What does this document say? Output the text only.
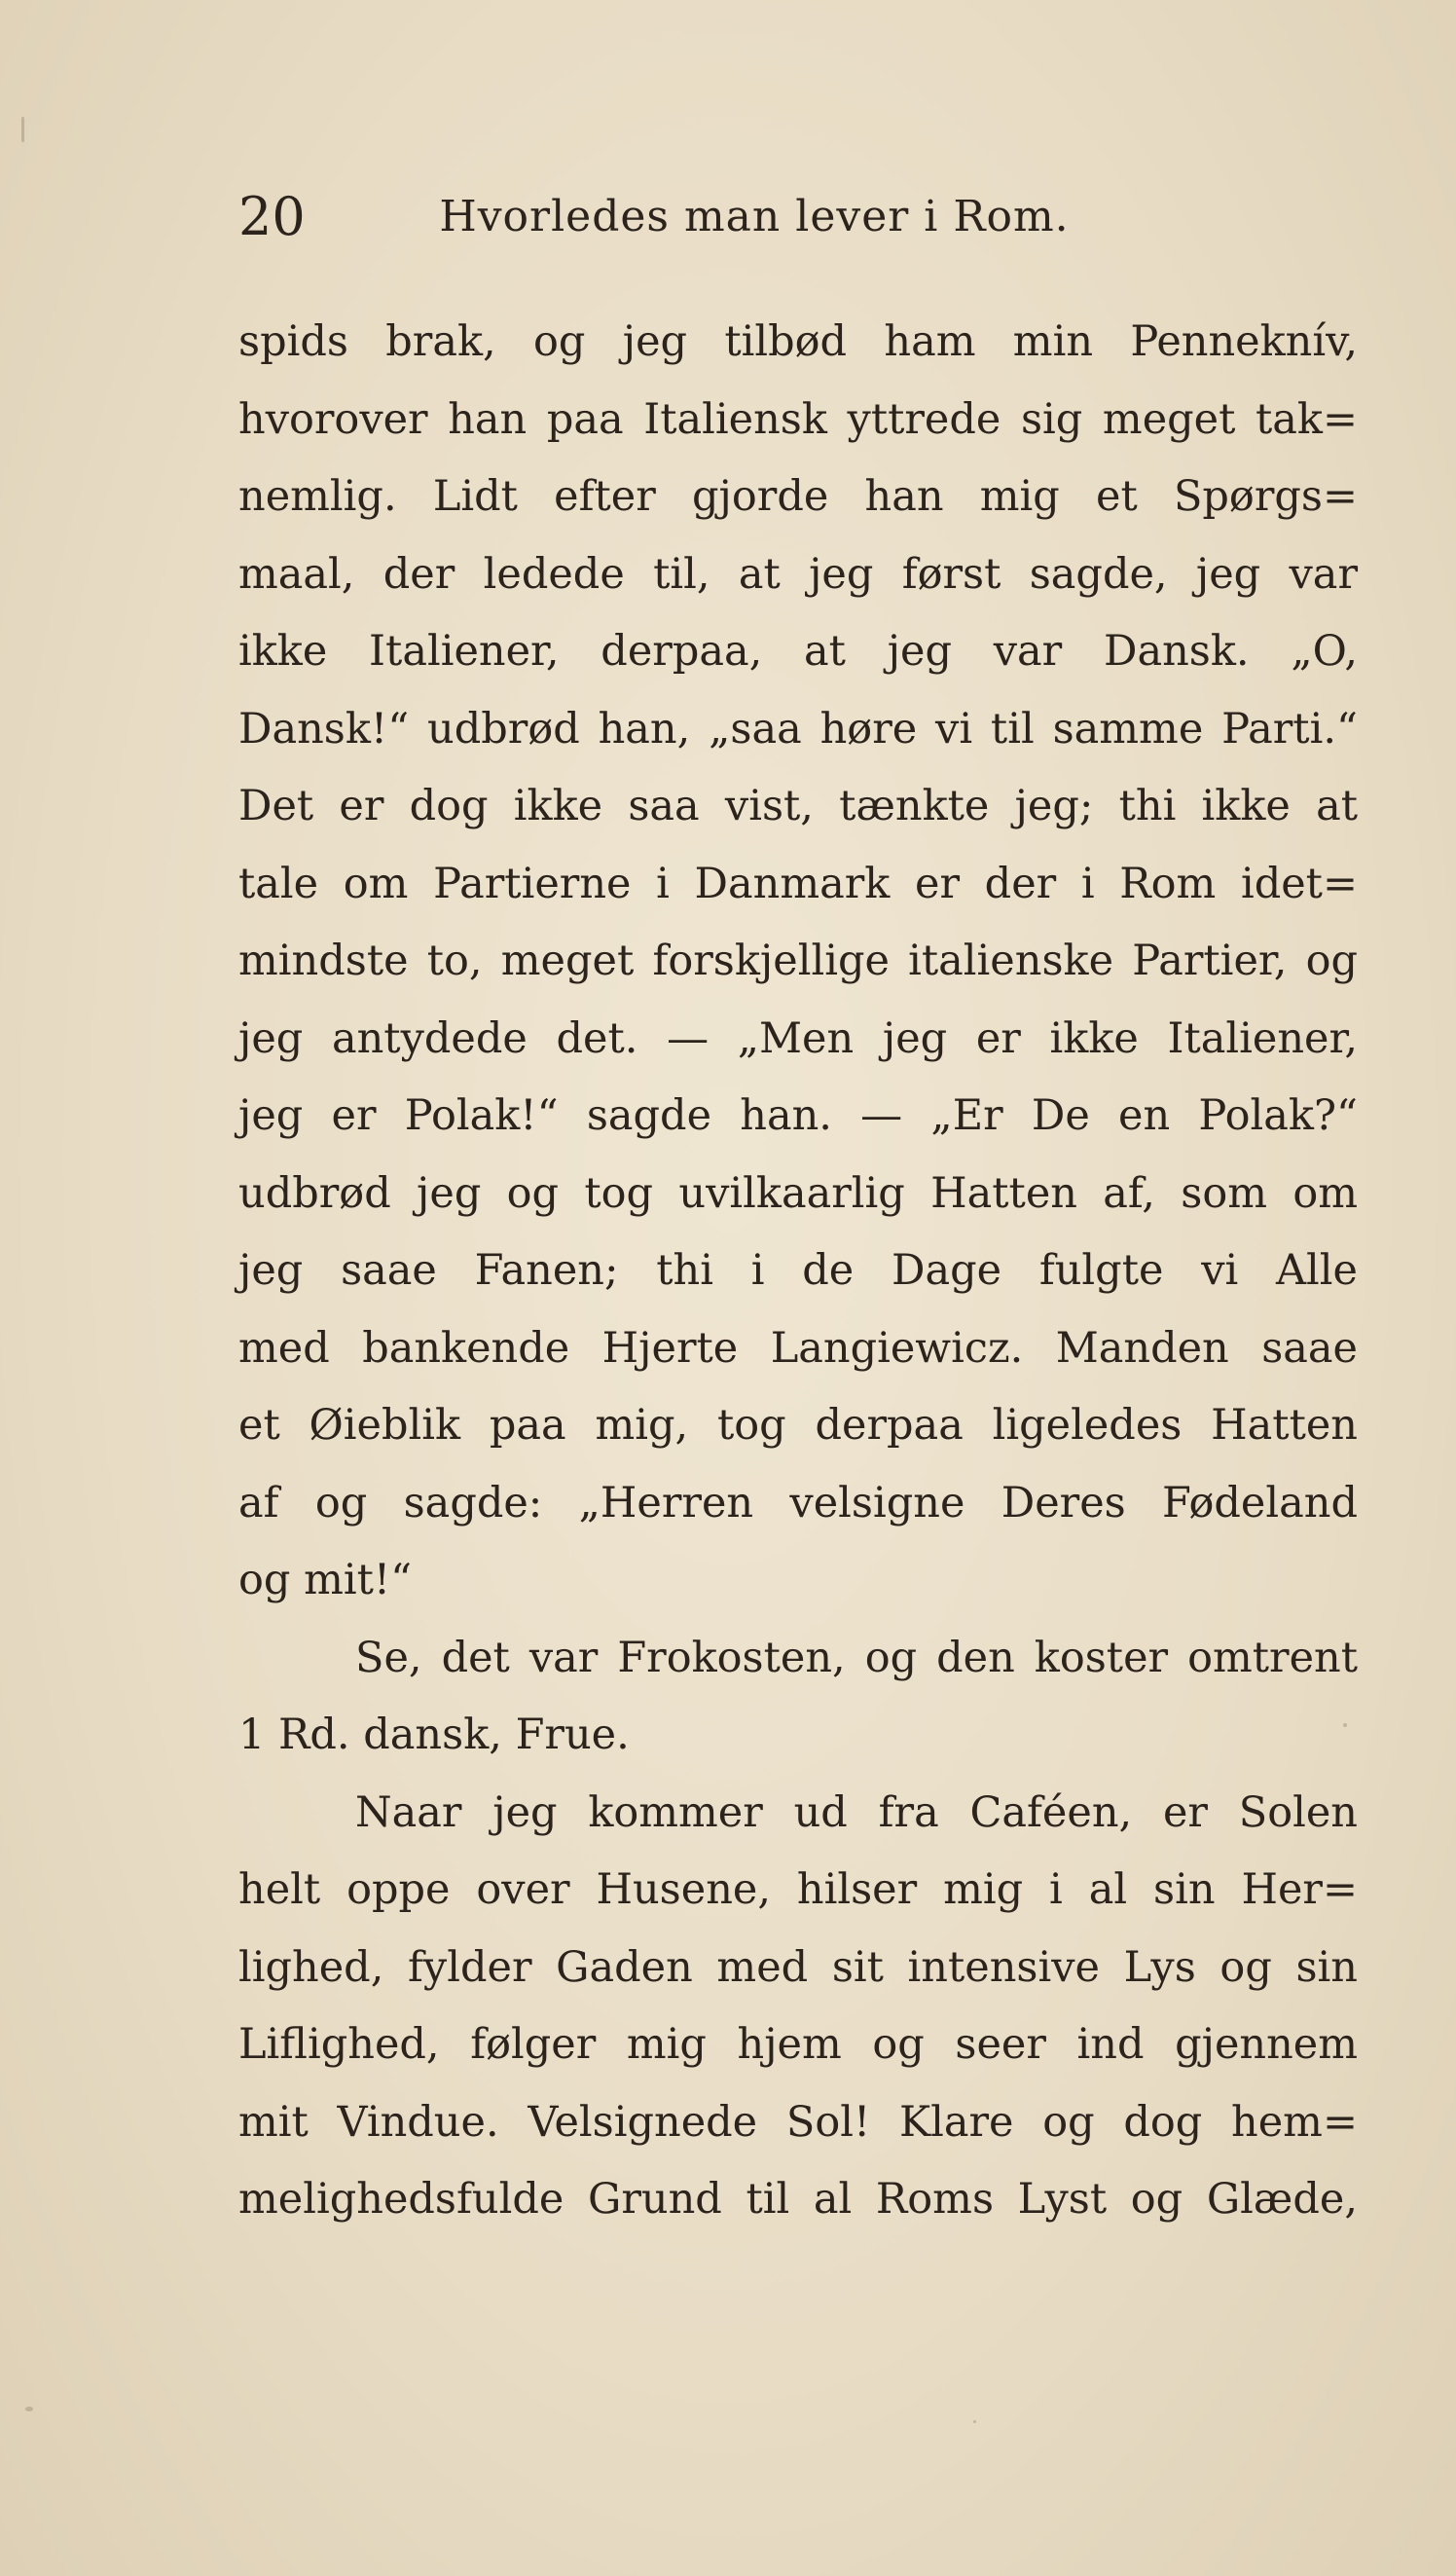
20	Hvorledes man lever i Rom.
spids brak, og jeg tilbød ham min Penneknív,
hvorover han paa Italiensk yttrede sig meget tak=
nemlig. Lidt efter gjorde han mig et Spørgs=
maal, der ledede til, at jeg først sagde, jeg var
ikke Italiener, derpaa, at jeg var Dansk. „O,
Dansk!“ udbrød han, „saa høre vi til samme Parti.“
Det er dog ikke saa vist, tænkte jeg; thi ikke at
tale om Partierne i Danmark er der i Rom idet=
mindste to, meget forskjellige italienske Partier, og
jeg antydede det. — „Men jeg er ikke Italiener,
jeg er Polak!“ sagde han. — „Er De en Polak?“
udbrød jeg og tog uvilkaarlig Hatten af, som om
jeg saae Fanen; thi i de Dage fulgte vi Alle
med bankende Hjerte Langiewicz. Manden saae
et Øieblik paa mig, tog derpaa ligeledes Hatten
af og sagde: „Herren velsigne Deres Fødeland
og mit!“
Se, det var Frokosten, og den koster omtrent
1 Rd. dansk, Frue.
Naar jeg kommer ud fra Caféen, er Solen
helt oppe over Husene, hilser mig i al sin Her=
lighed, fylder Gaden med sit intensive Lys og sin
Liflighed, følger mig hjem og seer ind gjennem
mit Vindue. Velsignede Sol! Klare og dog hem=
melighedsfulde Grund til al Roms Lyst og Glæde,
